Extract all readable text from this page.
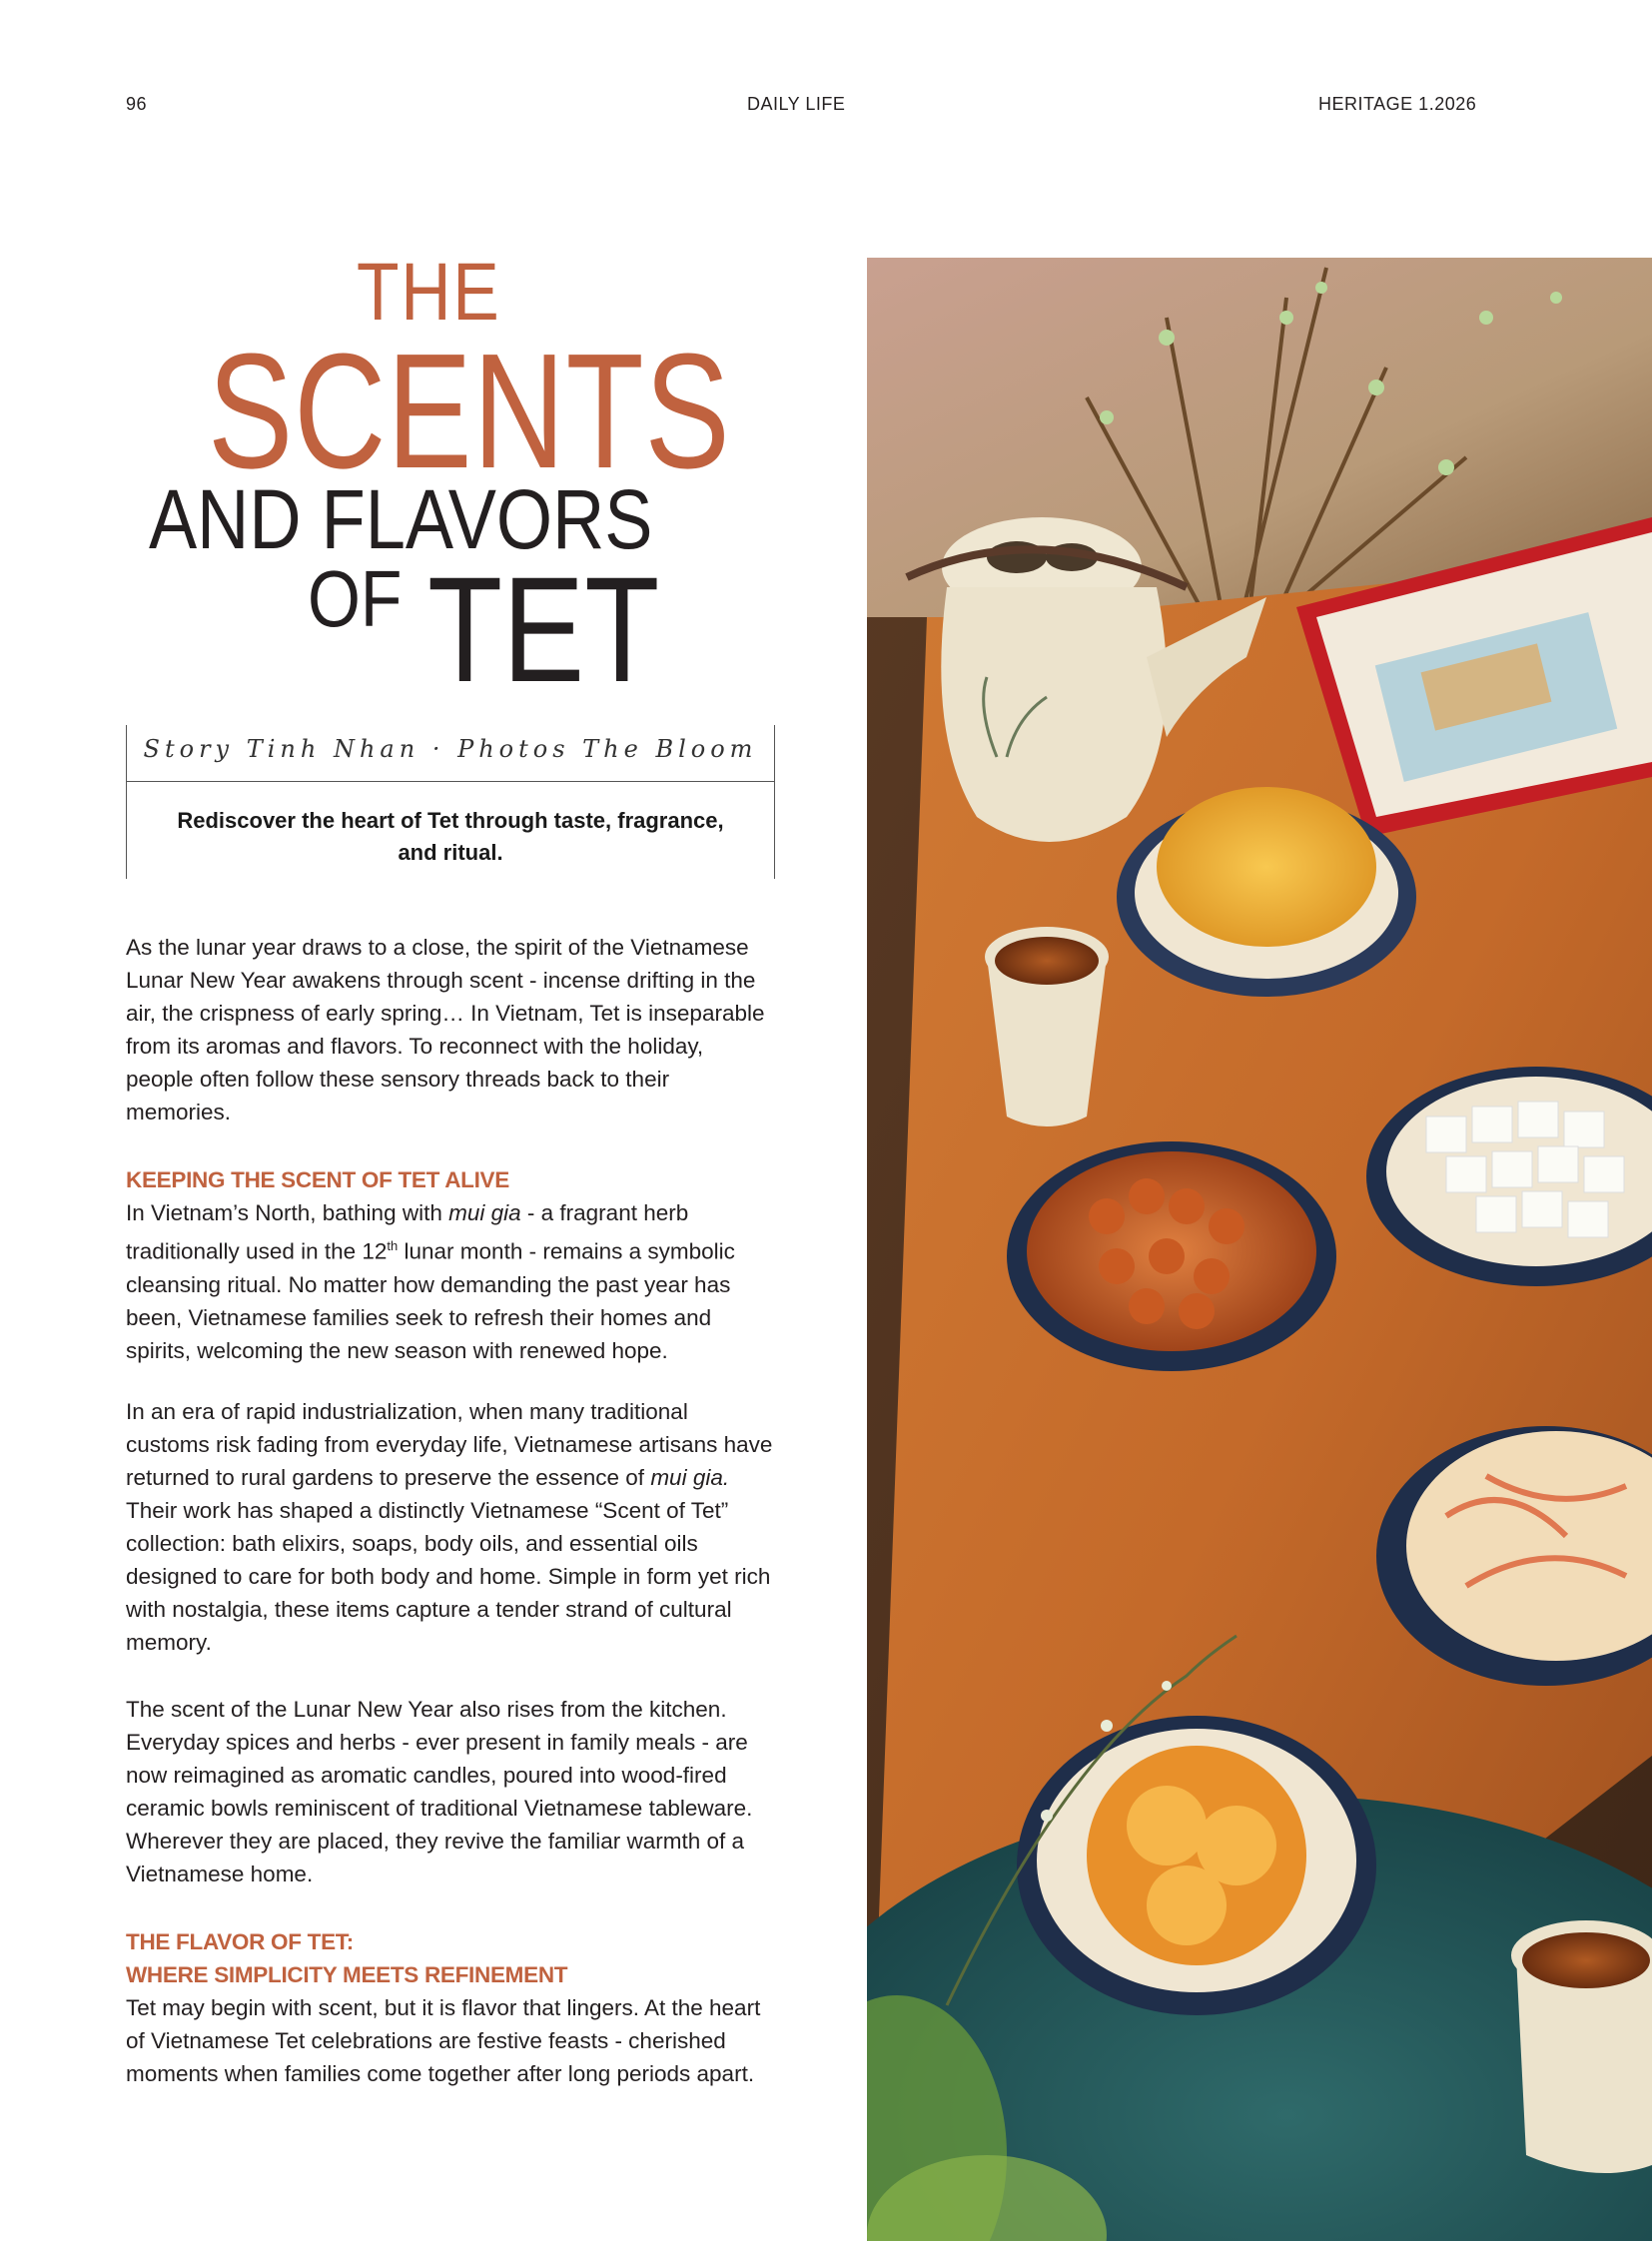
96	DAILY LIFE	HERITAGE 1.2026
THE
SCENTS
AND FLAVORS
OF TET
Story Tinh Nhan · Photos The Bloom
Rediscover the heart of Tet through taste, fragrance, and ritual.

As the lunar year draws to a close, the spirit of the Vietnamese Lunar New Year awakens through scent - incense drifting in the air, the crispness of early spring… In Vietnam, Tet is inseparable from its aromas and flavors. To reconnect with the holiday, people often follow these sensory threads back to their memories.

KEEPING THE SCENT OF TET ALIVE

In Vietnam’s North, bathing with mui gia - a fragrant herb traditionally used in the 12th lunar month - remains a symbolic cleansing ritual. No matter how demanding the past year has been, Vietnamese families seek to refresh their homes and spirits, welcoming the new season with renewed hope.

In an era of rapid industrialization, when many traditional customs risk fading from everyday life, Vietnamese artisans have returned to rural gardens to preserve the essence of mui gia. Their work has shaped a distinctly Vietnamese “Scent of Tet” collection: bath elixirs, soaps, body oils, and essential oils designed to care for both body and home. Simple in form yet rich with nostalgia, these items capture a tender strand of cultural memory.

The scent of the Lunar New Year also rises from the kitchen. Everyday spices and herbs - ever present in family meals - are now reimagined as aromatic candles, poured into wood-fired ceramic bowls reminiscent of traditional Vietnamese tableware. Wherever they are placed, they revive the familiar warmth of a Vietnamese home.

THE FLAVOR OF TET:
WHERE SIMPLICITY MEETS REFINEMENT

Tet may begin with scent, but it is flavor that lingers. At the heart of Vietnamese Tet celebrations are festive feasts - cherished moments when families come together after long periods apart.
